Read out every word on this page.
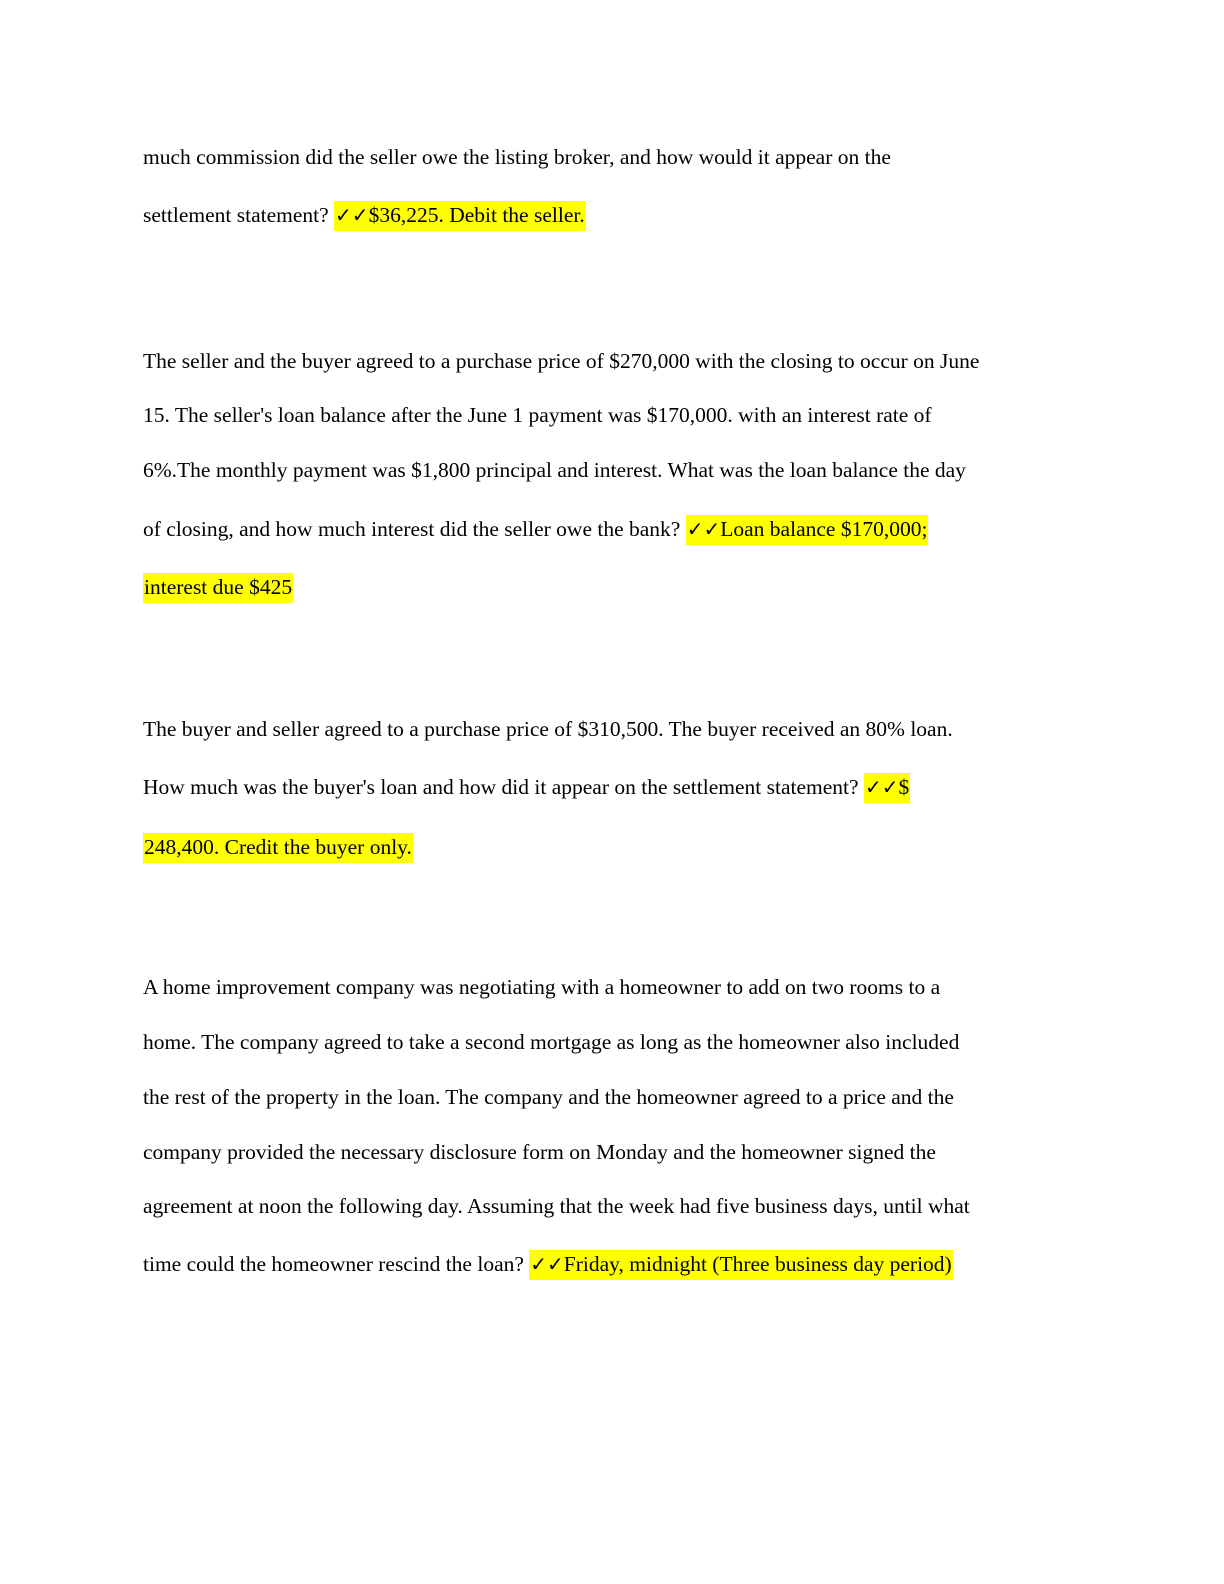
much commission did the seller owe the listing broker, and how would it appear on the
settlement statement? ✓✓$36,225. Debit the seller.
The seller and the buyer agreed to a purchase price of $270,000 with the closing to occur on June
15. The seller's loan balance after the June 1 payment was $170,000. with an interest rate of
6%.The monthly payment was $1,800 principal and interest. What was the loan balance the day
of closing, and how much interest did the seller owe the bank? ✓✓Loan balance $170,000;
interest due $425
The buyer and seller agreed to a purchase price of $310,500. The buyer received an 80% loan.
How much was the buyer's loan and how did it appear on the settlement statement? ✓✓$
248,400. Credit the buyer only.
A home improvement company was negotiating with a homeowner to add on two rooms to a
home. The company agreed to take a second mortgage as long as the homeowner also included
the rest of the property in the loan. The company and the homeowner agreed to a price and the
company provided the necessary disclosure form on Monday and the homeowner signed the
agreement at noon the following day. Assuming that the week had five business days, until what
time could the homeowner rescind the loan? ✓✓Friday, midnight (Three business day period)
